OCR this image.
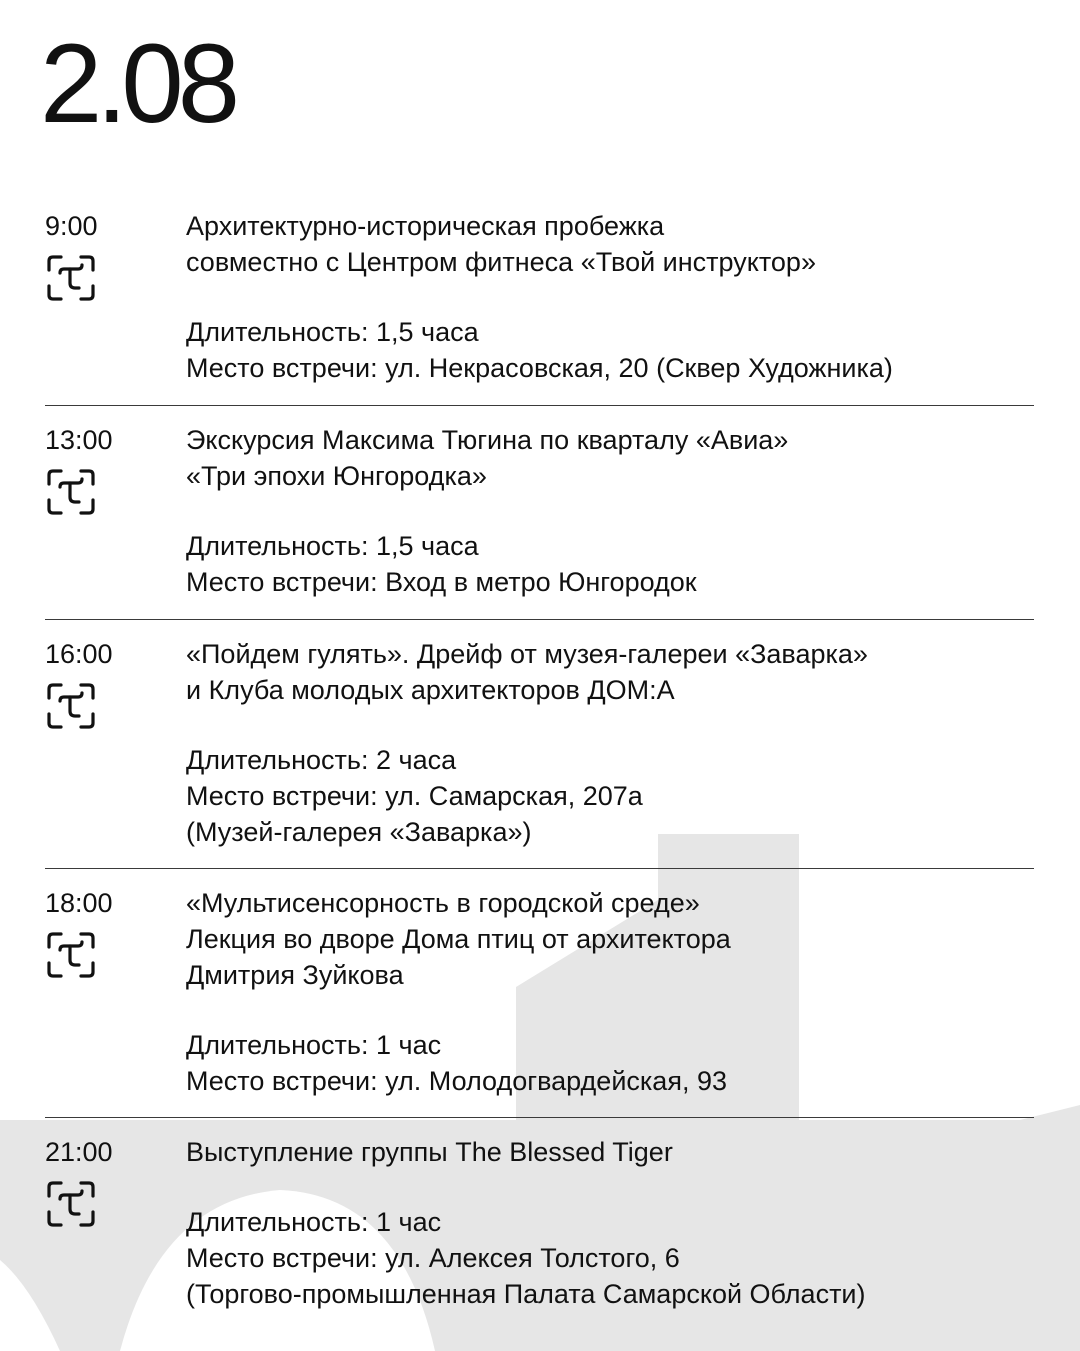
2.08
9:00	Архитектурно-историческая пробежка
совместно с Центром фитнеса «Твой инструктор»
Длительность: 1,5 часа
Место встречи: ул. Некрасовская, 20 (Сквер Художника)
13:00	Экскурсия Максима Тюгина по кварталу «Авиа»
«Три эпохи Юнгородка»
Длительность: 1,5 часа
Место встречи: Вход в метро Юнгородок
16:00	«Пойдем гулять». Дрейф от музея-галереи «Заварка»
и Клуба молодых архитекторов ДОМ:А
Длительность: 2 часа
Место встречи: ул. Самарская, 207а
(Музей-галерея «Заварка»)
18:00	«Мультисенсорность в городской среде»
Лекция во дворе Дома птиц от архитектора
Дмитрия Зуйкова
Длительность: 1 час
Место встречи: ул. Молодогвардейская, 93
21:00	Выступление группы The Blessed Tiger
Длительность: 1 час
Место встречи: ул. Алексея Толстого, 6
(Торгово-промышленная Палата Самарской Области)
